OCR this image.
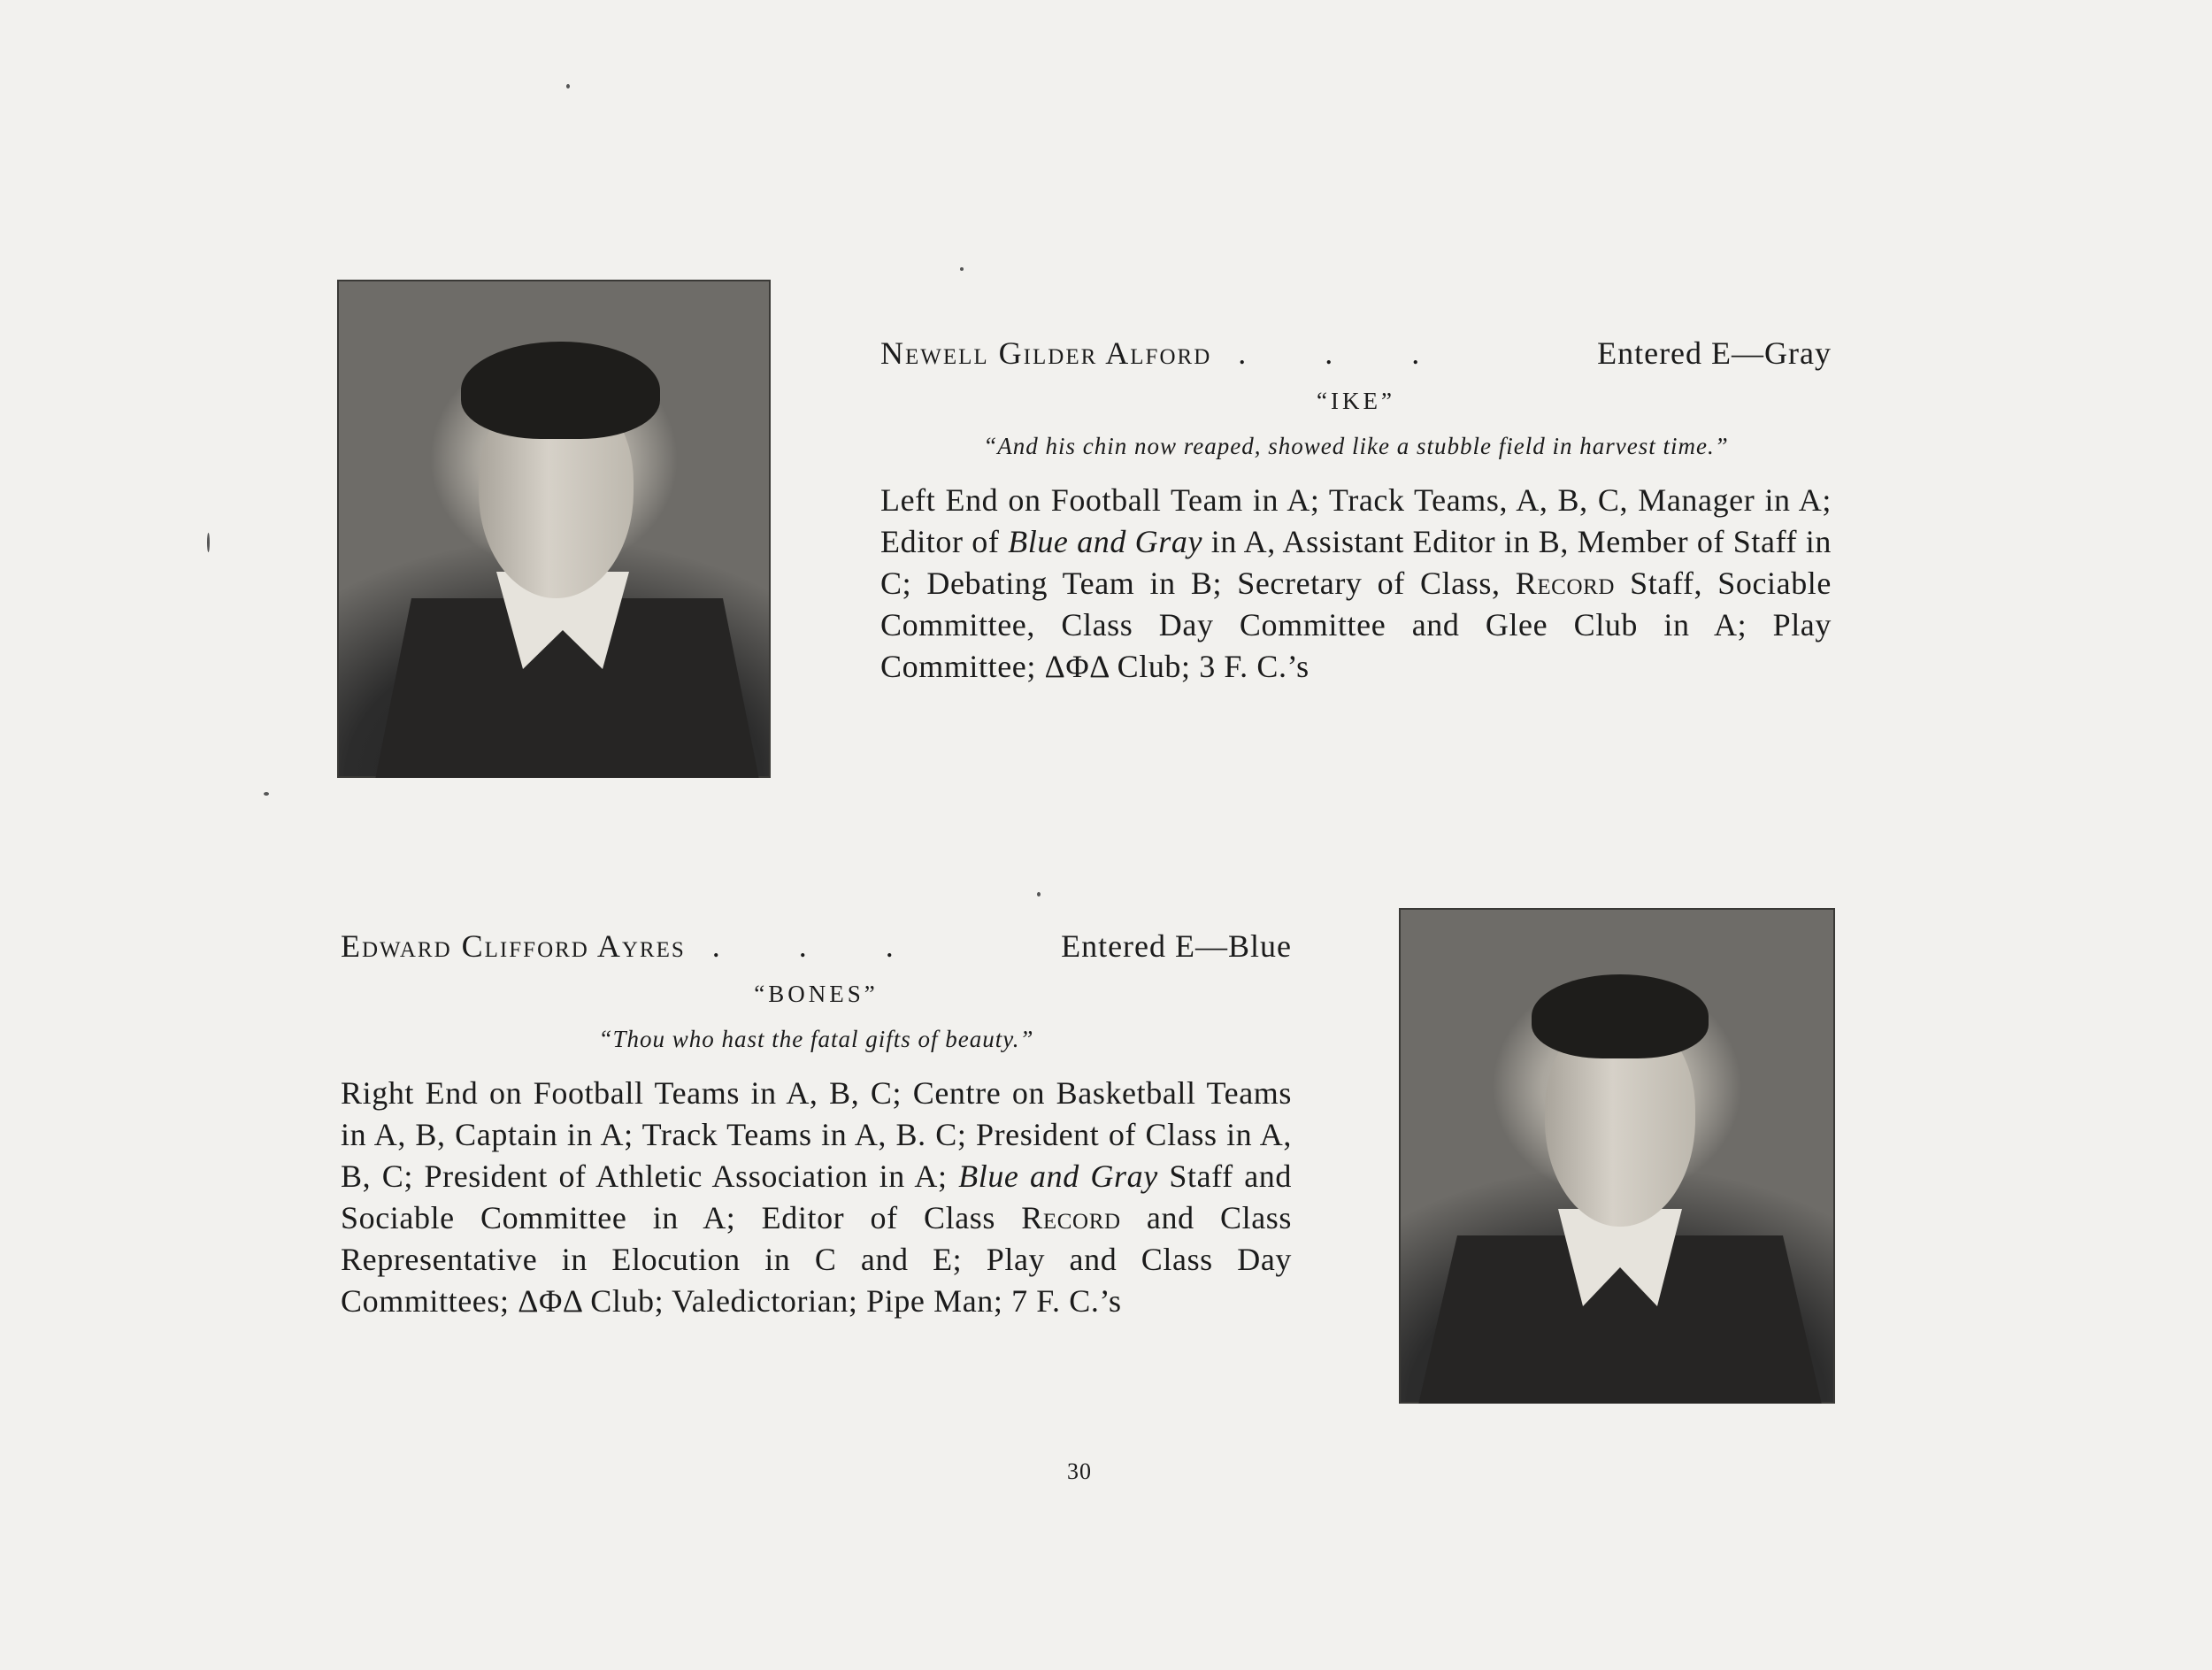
Newell Gilder Alford . . .	Entered E—Gray
“IKE”
“And his chin now reaped, showed like a stubble field in harvest time.”
Left End on Football Team in A; Track Teams, A, B, C, Manager in A; Editor of Blue and Gray in A, Assistant Editor in B, Member of Staff in C; Debating Team in B; Secretary of Class, Record Staff, Sociable Committee, Class Day Committee and Glee Club in A; Play Committee; ΔΦΔ Club; 3 F. C.’s
Edward Clifford Ayres . . .	Entered E—Blue
“BONES”
“Thou who hast the fatal gifts of beauty.”
Right End on Football Teams in A, B, C; Centre on Basketball Teams in A, B, Captain in A; Track Teams in A, B. C; President of Class in A, B, C; President of Athletic Association in A; Blue and Gray Staff and Sociable Committee in A; Editor of Class Record and Class Representative in Elocution in C and E; Play and Class Day Committees; ΔΦΔ Club; Valedictorian; Pipe Man; 7 F. C.’s
30
